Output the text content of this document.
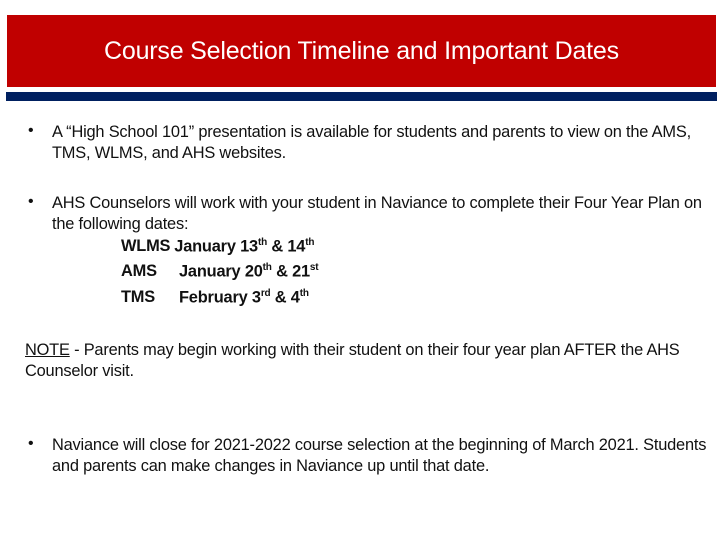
Course Selection Timeline and Important Dates
• A “High School 101” presentation is available for students and parents to view on the AMS, TMS, WLMS, and AHS websites.
• AHS Counselors will work with your student in Naviance to complete their Four Year Plan on the following dates:
WLMS January 13th & 14th
AMS January 20th & 21st
TMS February 3rd & 4th
NOTE - Parents may begin working with their student on their four year plan AFTER the AHS Counselor visit.
• Naviance will close for 2021-2022 course selection at the beginning of March 2021. Students and parents can make changes in Naviance up until that date.
